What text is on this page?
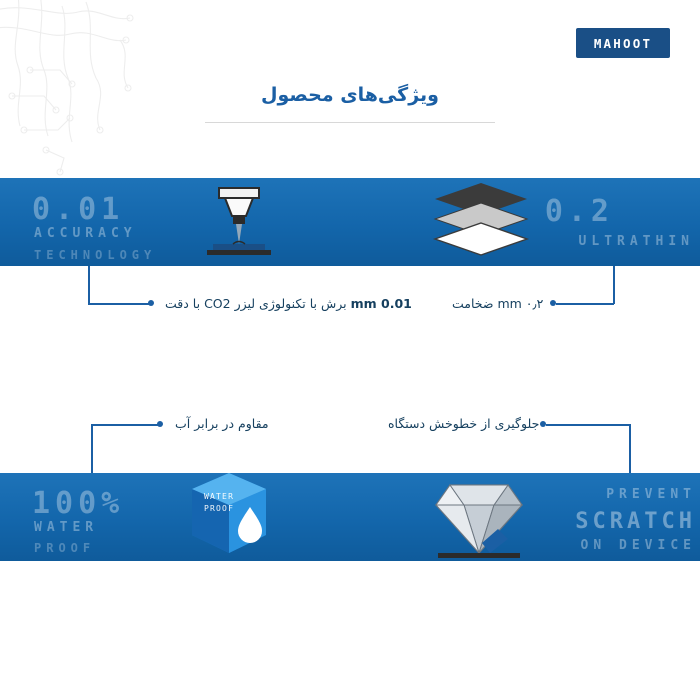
MAHOOT
ویژگی‌های محصول
0.01
ACCURACY
TECHNOLOGY
0.2
ULTRATHIN
0.01 mm برش با تکنولوژی لیزر CO2 با دقت	۰٫۲ mm ضخامت
مقاوم در برابر آب	جلوگیری از خطوخش دستگاه
100%
WATER
PROOF
WATER
PROOF
PREVENT
SCRATCH
ON DEVICE
